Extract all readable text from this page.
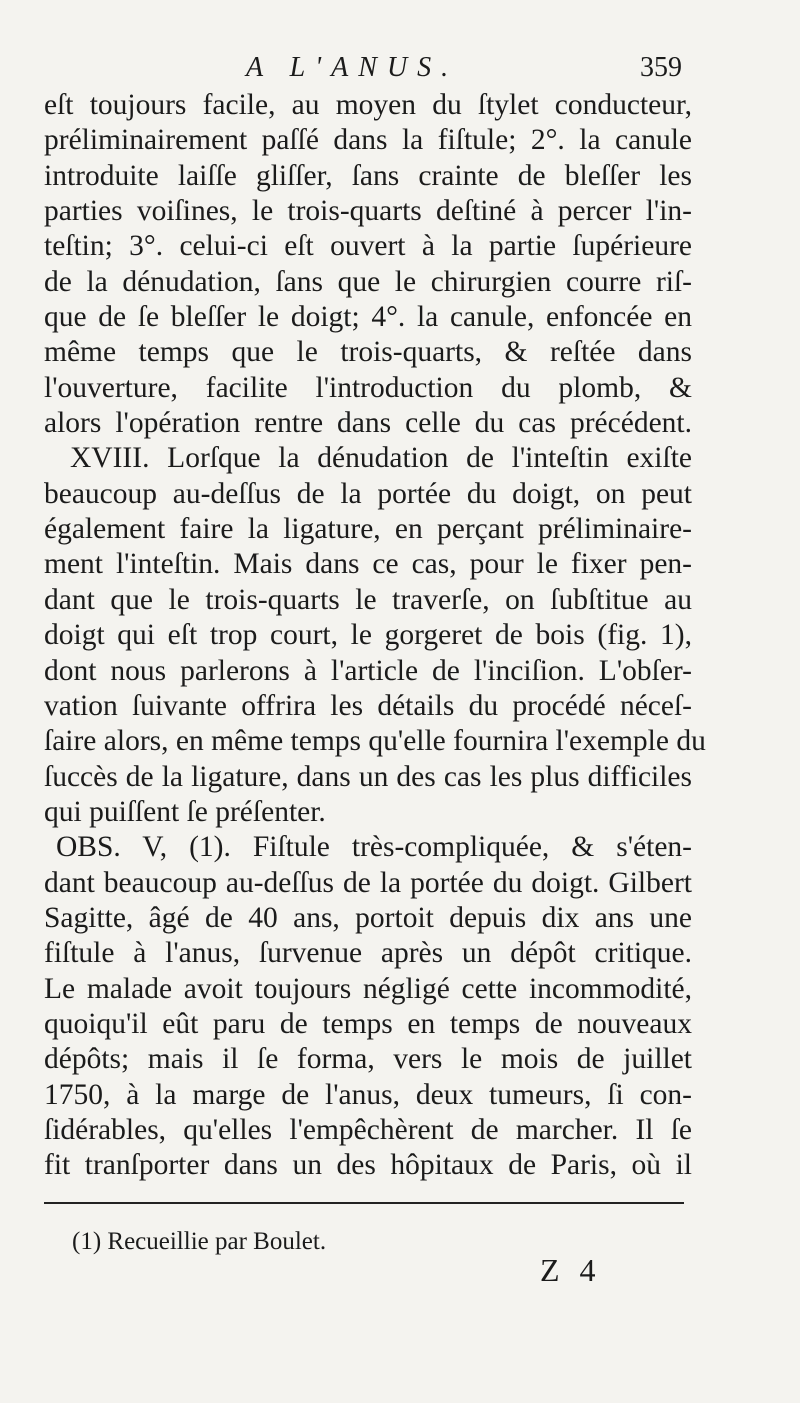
A L'ANUS.	359
eſt toujours facile, au moyen du ſtylet conducteur,
préliminairement paſſé dans la fiſtule; 2°. la canule
introduite laiſſe gliſſer, ſans crainte de bleſſer les
parties voiſines, le trois-quarts deſtiné à percer l'in-
teſtin; 3°. celui-ci eſt ouvert à la partie ſupérieure
de la dénudation, ſans que le chirurgien courre riſ-
que de ſe bleſſer le doigt; 4°. la canule, enfoncée en
même temps que le trois-quarts, & reſtée dans
l'ouverture, facilite l'introduction du plomb, &
alors l'opération rentre dans celle du cas précédent.
XVIII. Lorſque la dénudation de l'inteſtin exiſte
beaucoup au-deſſus de la portée du doigt, on peut
également faire la ligature, en perçant préliminaire-
ment l'inteſtin. Mais dans ce cas, pour le fixer pen-
dant que le trois-quarts le traverſe, on ſubſtitue au
doigt qui eſt trop court, le gorgeret de bois (fig. 1),
dont nous parlerons à l'article de l'inciſion. L'obſer-
vation ſuivante offrira les détails du procédé néceſ-
ſaire alors, en même temps qu'elle fournira l'exemple du
ſuccès de la ligature, dans un des cas les plus difficiles
qui puiſſent ſe préſenter.
OBS. V, (1). Fiſtule très-compliquée, & s'éten-
dant beaucoup au-deſſus de la portée du doigt. Gilbert
Sagitte, âgé de 40 ans, portoit depuis dix ans une
fiſtule à l'anus, ſurvenue après un dépôt critique.
Le malade avoit toujours négligé cette incommodité,
quoiqu'il eût paru de temps en temps de nouveaux
dépôts; mais il ſe forma, vers le mois de juillet
1750, à la marge de l'anus, deux tumeurs, ſi con-
ſidérables, qu'elles l'empêchèrent de marcher. Il ſe
fit tranſporter dans un des hôpitaux de Paris, où il
(1) Recueillie par Boulet.
Z 4
